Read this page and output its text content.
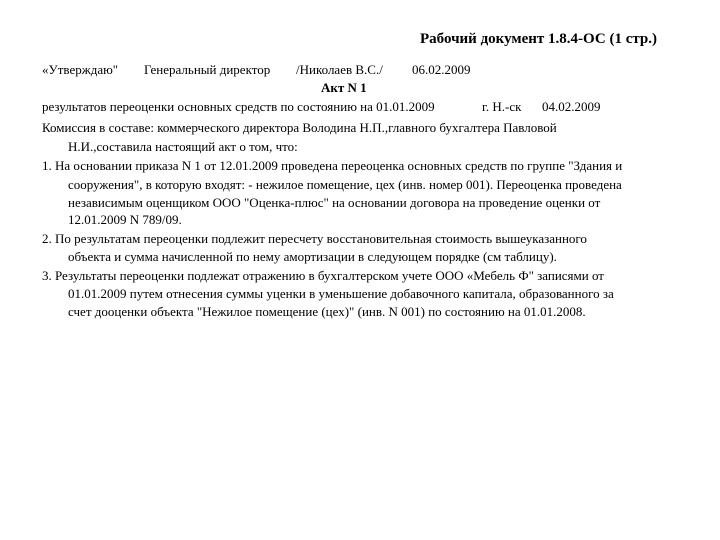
Рабочий документ 1.8.4-ОС (1 стр.)
«Утверждаю" Генеральный директор /Николаев В.С./ 06.02.2009
Акт N 1
результатов переоценки основных средств по состоянию на 01.01.2009	г. Н.-ск 04.02.2009
Комиссия в составе: коммерческого директора Володина Н.П.,главного бухгалтера Павловой
Н.И.,составила настоящий акт о том, что:
1. На основании приказа N 1 от 12.01.2009 проведена переоценка основных средств по группе "Здания и
сооружения", в которую входят: - нежилое помещение, цех (инв. номер 001). Переоценка проведена
независимым оценщиком ООО "Оценка-плюс" на основании договора на проведение оценки от
12.01.2009 N 789/09.
2. По результатам переоценки подлежит пересчету восстановительная стоимость вышеуказанного
объекта и сумма начисленной по нему амортизации в следующем порядке (см таблицу).
3. Результаты переоценки подлежат отражению в бухгалтерском учете ООО «Мебель Ф" записями от
01.01.2009 путем отнесения суммы уценки в уменьшение добавочного капитала, образованного за
счет дооценки объекта "Нежилое помещение (цех)" (инв. N 001) по состоянию на 01.01.2008.
